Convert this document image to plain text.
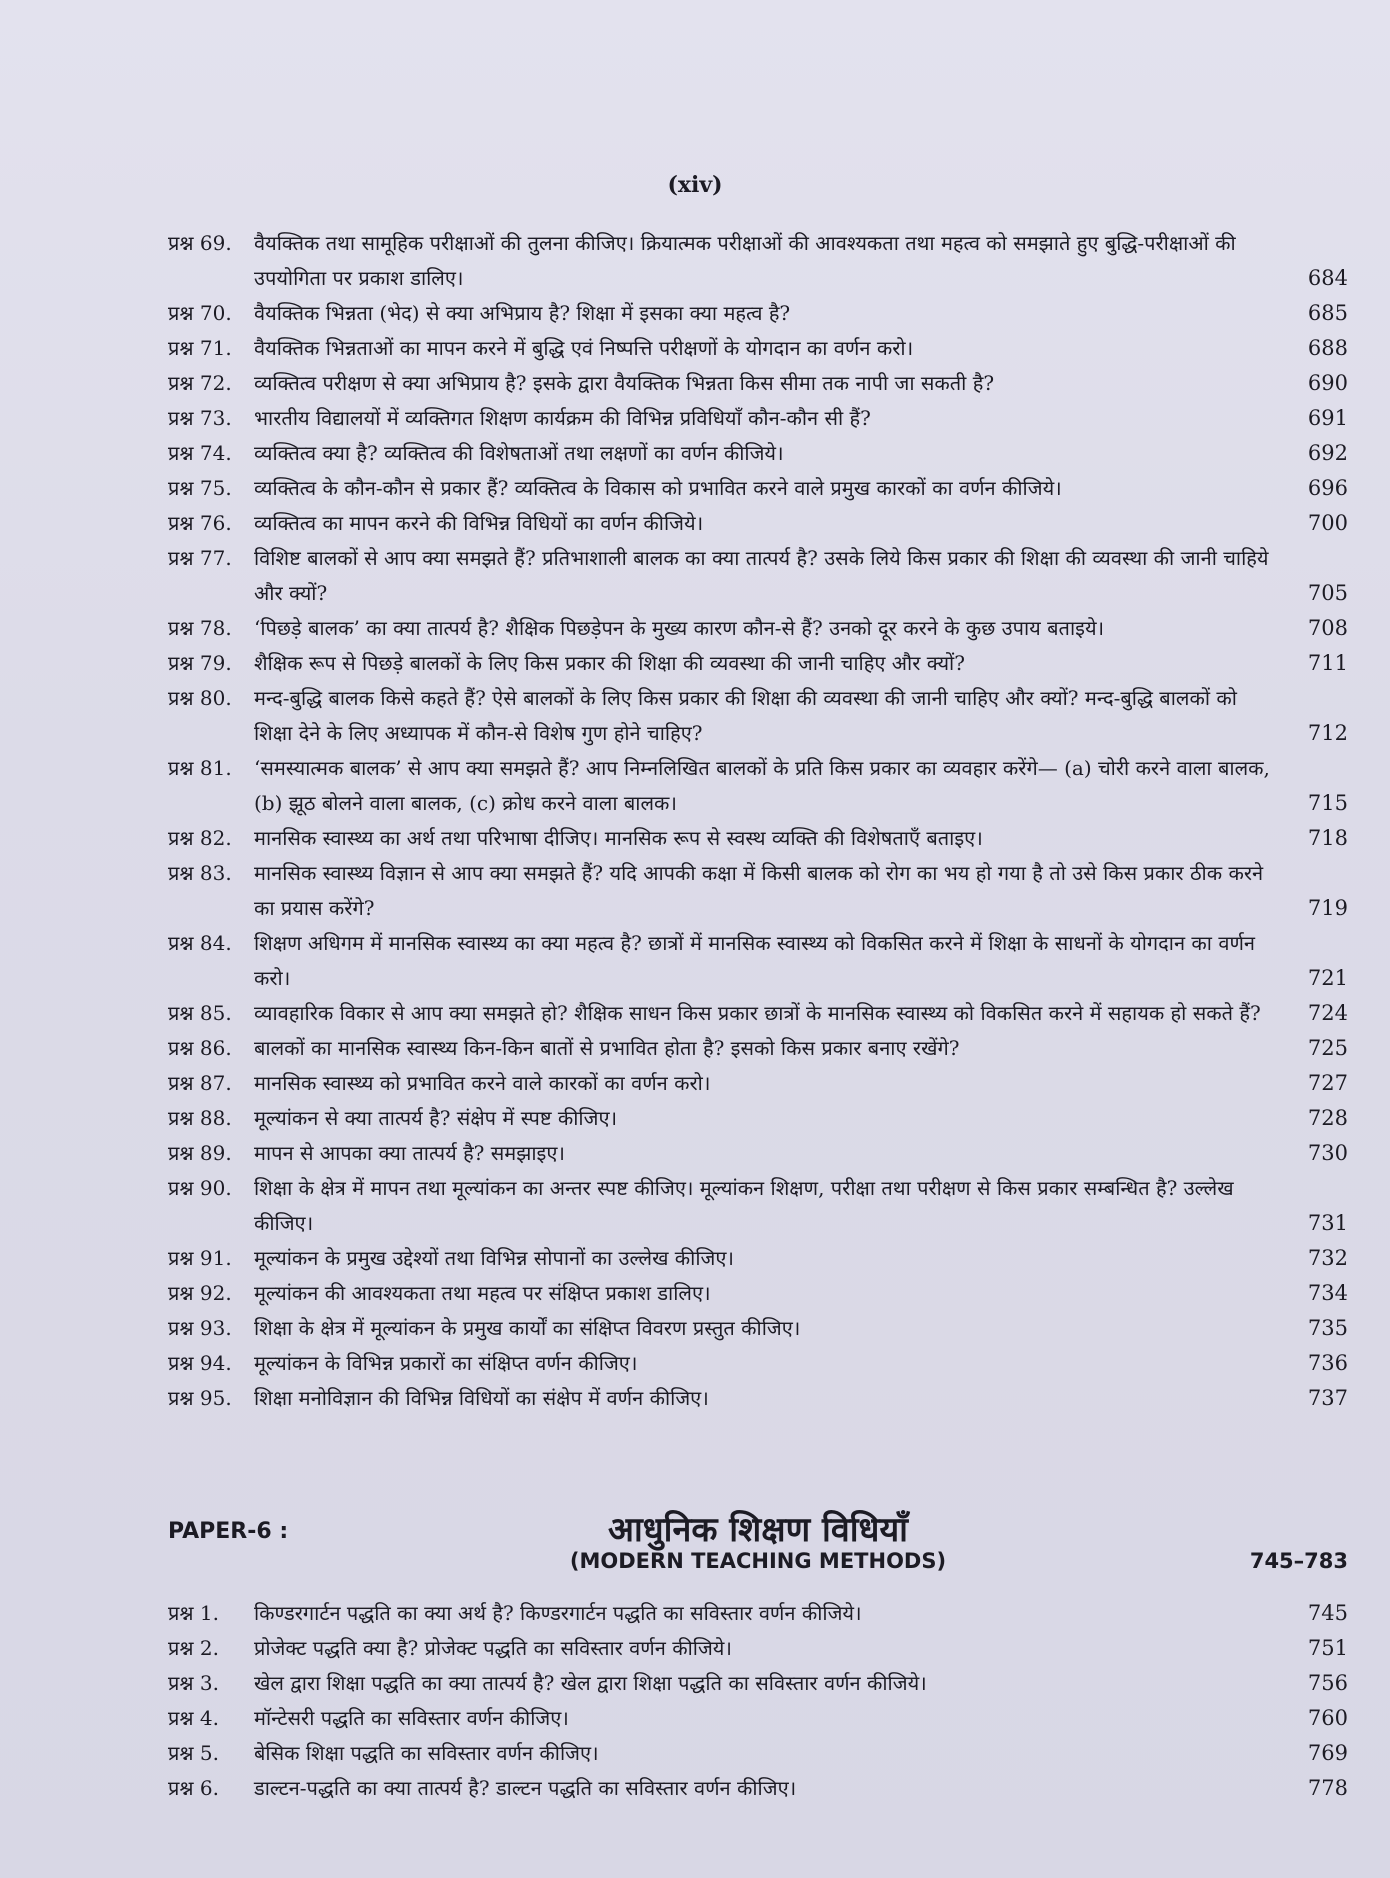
(xiv)
प्रश्न 69.	वैयक्तिक तथा सामूहिक परीक्षाओं की तुलना कीजिए। क्रियात्मक परीक्षाओं की आवश्यकता तथा महत्व को समझाते हुए बुद्धि-परीक्षाओं की उपयोगिता पर प्रकाश डालिए।	684
प्रश्न 70.	वैयक्तिक भिन्नता (भेद) से क्या अभिप्राय है? शिक्षा में इसका क्या महत्व है?	685
प्रश्न 71.	वैयक्तिक भिन्नताओं का मापन करने में बुद्धि एवं निष्पत्ति परीक्षणों के योगदान का वर्णन करो।	688
प्रश्न 72.	व्यक्तित्व परीक्षण से क्या अभिप्राय है? इसके द्वारा वैयक्तिक भिन्नता किस सीमा तक नापी जा सकती है?	690
प्रश्न 73.	भारतीय विद्यालयों में व्यक्तिगत शिक्षण कार्यक्रम की विभिन्न प्रविधियाँ कौन-कौन सी हैं?	691
प्रश्न 74.	व्यक्तित्व क्या है? व्यक्तित्व की विशेषताओं तथा लक्षणों का वर्णन कीजिये।	692
प्रश्न 75.	व्यक्तित्व के कौन-कौन से प्रकार हैं? व्यक्तित्व के विकास को प्रभावित करने वाले प्रमुख कारकों का वर्णन कीजिये।	696
प्रश्न 76.	व्यक्तित्व का मापन करने की विभिन्न विधियों का वर्णन कीजिये।	700
प्रश्न 77.	विशिष्ट बालकों से आप क्या समझते हैं? प्रतिभाशाली बालक का क्या तात्पर्य है? उसके लिये किस प्रकार की शिक्षा की व्यवस्था की जानी चाहिये और क्यों?	705
प्रश्न 78.	‘पिछड़े बालक’ का क्या तात्पर्य है? शैक्षिक पिछड़ेपन के मुख्य कारण कौन-से हैं? उनको दूर करने के कुछ उपाय बताइये।	708
प्रश्न 79.	शैक्षिक रूप से पिछड़े बालकों के लिए किस प्रकार की शिक्षा की व्यवस्था की जानी चाहिए और क्यों?	711
प्रश्न 80.	मन्द-बुद्धि बालक किसे कहते हैं? ऐसे बालकों के लिए किस प्रकार की शिक्षा की व्यवस्था की जानी चाहिए और क्यों? मन्द-बुद्धि बालकों को शिक्षा देने के लिए अध्यापक में कौन-से विशेष गुण होने चाहिए?	712
प्रश्न 81.	‘समस्यात्मक बालक’ से आप क्या समझते हैं? आप निम्नलिखित बालकों के प्रति किस प्रकार का व्यवहार करेंगे— (a) चोरी करने वाला बालक, (b) झूठ बोलने वाला बालक, (c) क्रोध करने वाला बालक।	715
प्रश्न 82.	मानसिक स्वास्थ्य का अर्थ तथा परिभाषा दीजिए। मानसिक रूप से स्वस्थ व्यक्ति की विशेषताएँ बताइए।	718
प्रश्न 83.	मानसिक स्वास्थ्य विज्ञान से आप क्या समझते हैं? यदि आपकी कक्षा में किसी बालक को रोग का भय हो गया है तो उसे किस प्रकार ठीक करने का प्रयास करेंगे?	719
प्रश्न 84.	शिक्षण अधिगम में मानसिक स्वास्थ्य का क्या महत्व है? छात्रों में मानसिक स्वास्थ्य को विकसित करने में शिक्षा के साधनों के योगदान का वर्णन करो।	721
प्रश्न 85.	व्यावहारिक विकार से आप क्या समझते हो? शैक्षिक साधन किस प्रकार छात्रों के मानसिक स्वास्थ्य को विकसित करने में सहायक हो सकते हैं?	724
प्रश्न 86.	बालकों का मानसिक स्वास्थ्य किन-किन बातों से प्रभावित होता है? इसको किस प्रकार बनाए रखेंगे?	725
प्रश्न 87.	मानसिक स्वास्थ्य को प्रभावित करने वाले कारकों का वर्णन करो।	727
प्रश्न 88.	मूल्यांकन से क्या तात्पर्य है? संक्षेप में स्पष्ट कीजिए।	728
प्रश्न 89.	मापन से आपका क्या तात्पर्य है? समझाइए।	730
प्रश्न 90.	शिक्षा के क्षेत्र में मापन तथा मूल्यांकन का अन्तर स्पष्ट कीजिए। मूल्यांकन शिक्षण, परीक्षा तथा परीक्षण से किस प्रकार सम्बन्धित है? उल्लेख कीजिए।	731
प्रश्न 91.	मूल्यांकन के प्रमुख उद्देश्यों तथा विभिन्न सोपानों का उल्लेख कीजिए।	732
प्रश्न 92.	मूल्यांकन की आवश्यकता तथा महत्व पर संक्षिप्त प्रकाश डालिए।	734
प्रश्न 93.	शिक्षा के क्षेत्र में मूल्यांकन के प्रमुख कार्यों का संक्षिप्त विवरण प्रस्तुत कीजिए।	735
प्रश्न 94.	मूल्यांकन के विभिन्न प्रकारों का संक्षिप्त वर्णन कीजिए।	736
प्रश्न 95.	शिक्षा मनोविज्ञान की विभिन्न विधियों का संक्षेप में वर्णन कीजिए।	737
PAPER-6 :	आधुनिक शिक्षण विधियाँ
(MODERN TEACHING METHODS)	745–783
प्रश्न 1.	किण्डरगार्टन पद्धति का क्या अर्थ है? किण्डरगार्टन पद्धति का सविस्तार वर्णन कीजिये।	745
प्रश्न 2.	प्रोजेक्ट पद्धति क्या है? प्रोजेक्ट पद्धति का सविस्तार वर्णन कीजिये।	751
प्रश्न 3.	खेल द्वारा शिक्षा पद्धति का क्या तात्पर्य है? खेल द्वारा शिक्षा पद्धति का सविस्तार वर्णन कीजिये।	756
प्रश्न 4.	मॉन्टेसरी पद्धति का सविस्तार वर्णन कीजिए।	760
प्रश्न 5.	बेसिक शिक्षा पद्धति का सविस्तार वर्णन कीजिए।	769
प्रश्न 6.	डाल्टन-पद्धति का क्या तात्पर्य है? डाल्टन पद्धति का सविस्तार वर्णन कीजिए।	778
